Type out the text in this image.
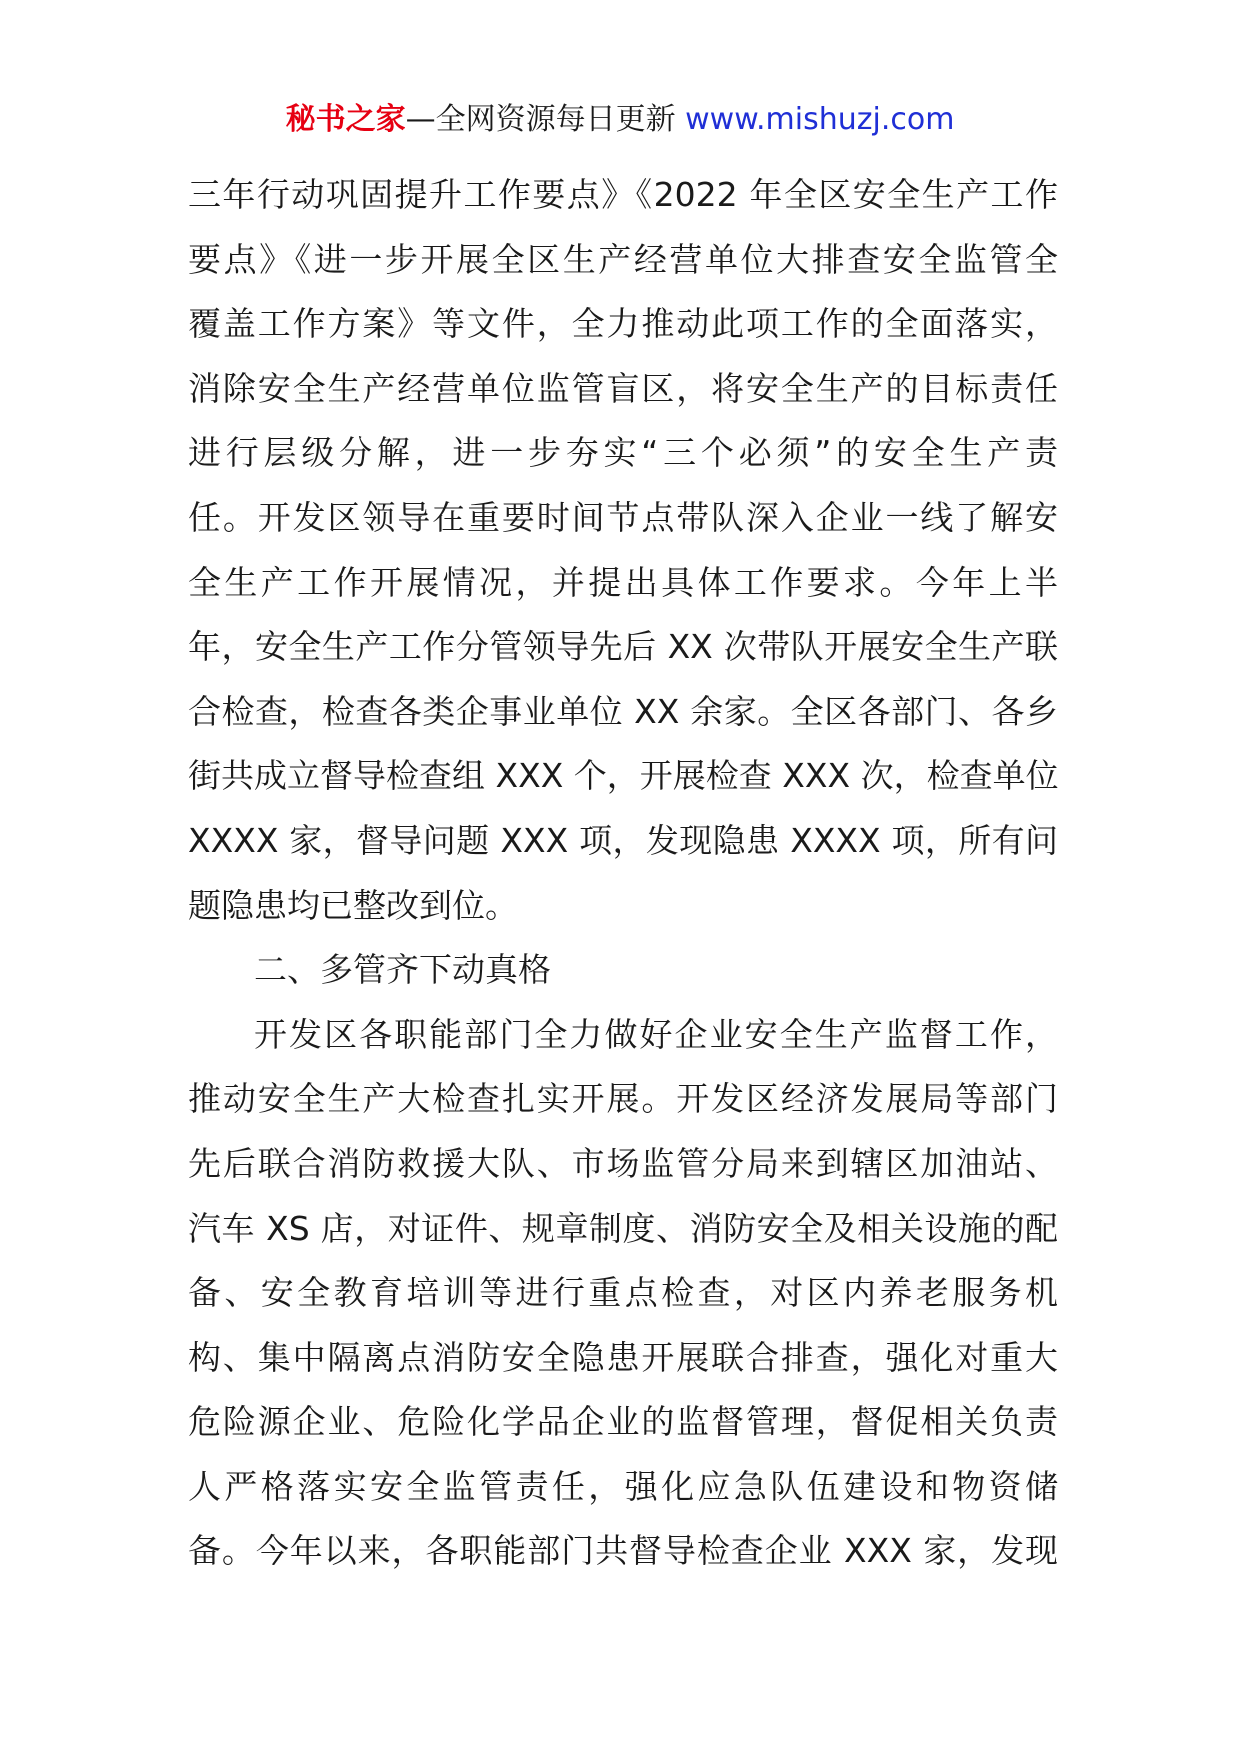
秘书之家—全网资源每日更新 www.mishuzj.com
三年行动巩固提升工作要点》《2022 年全区安全生产工作
要点》《进一步开展全区生产经营单位大排查安全监管全
覆盖工作方案》等文件，全力推动此项工作的全面落实，
消除安全生产经营单位监管盲区，将安全生产的目标责任
进行层级分解，进一步夯实“三个必须”的安全生产责
任。开发区领导在重要时间节点带队深入企业一线了解安
全生产工作开展情况，并提出具体工作要求。今年上半
年，安全生产工作分管领导先后 XX 次带队开展安全生产联
合检查，检查各类企事业单位 XX 余家。全区各部门、各乡
街共成立督导检查组 XXX 个，开展检查 XXX 次，检查单位
XXXX 家，督导问题 XXX 项，发现隐患 XXXX 项，所有问
题隐患均已整改到位。
二、多管齐下动真格
开发区各职能部门全力做好企业安全生产监督工作，
推动安全生产大检查扎实开展。开发区经济发展局等部门
先后联合消防救援大队、市场监管分局来到辖区加油站、
汽车 XS 店，对证件、规章制度、消防安全及相关设施的配
备、安全教育培训等进行重点检查，对区内养老服务机
构、集中隔离点消防安全隐患开展联合排查，强化对重大
危险源企业、危险化学品企业的监督管理，督促相关负责
人严格落实安全监管责任，强化应急队伍建设和物资储
备。今年以来，各职能部门共督导检查企业 XXX 家，发现
